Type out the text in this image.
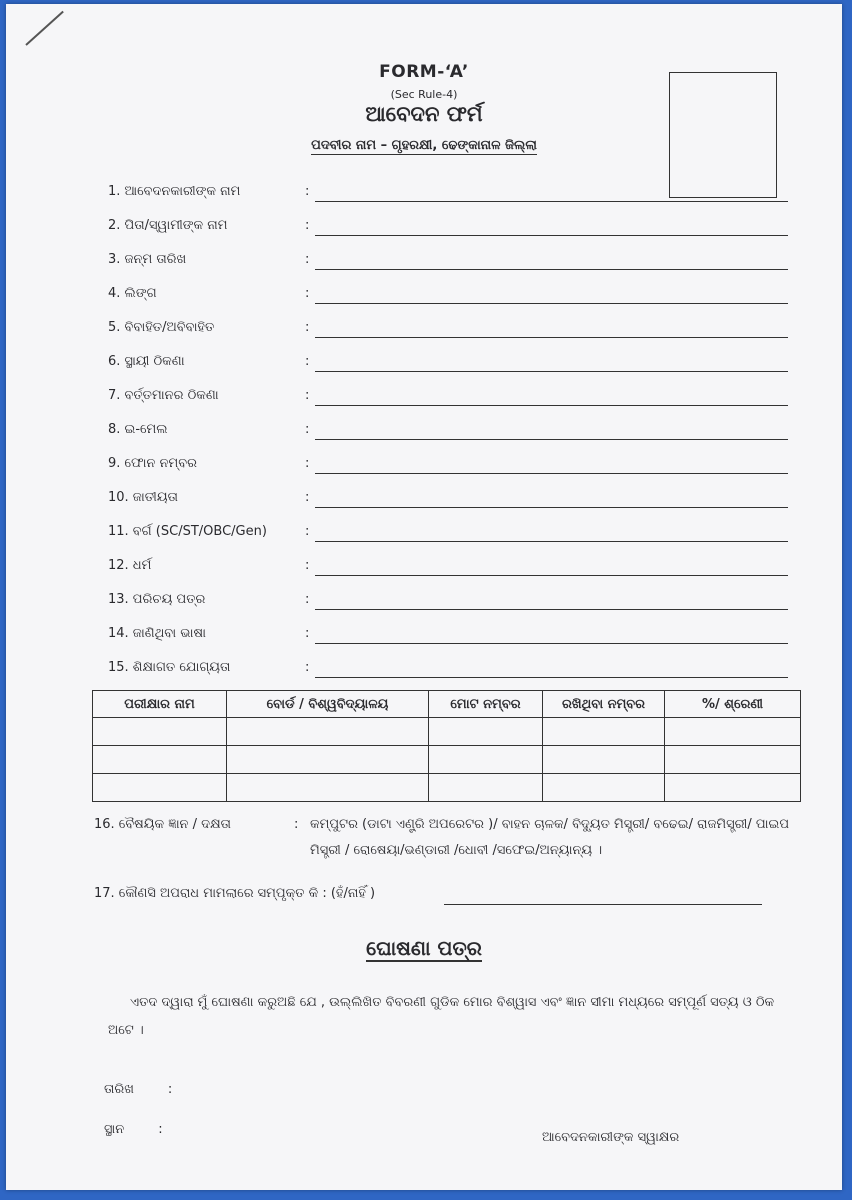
FORM-‘A’
(Sec Rule-4)
ଆବେଦନ ଫର୍ମ
ପଦବୀର ନାମ – ଗୃହରକ୍ଷୀ, ଢେଙ୍କାନାଳ ଜିଲ୍ଲା
1. ଆବେଦନକାରୀଙ୍କ ନାମ	:
2. ପିତା/ସ୍ୱାମୀଙ୍କ ନାମ	:
3. ଜନ୍ମ ତାରିଖ	:
4. ଲିଙ୍ଗ	:
5. ବିବାହିତ/ଅବିବାହିତ	:
6. ସ୍ଥାୟୀ ଠିକଣା	:
7. ବର୍ତ୍ତମାନର ଠିକଣା	:
8. ଇ-ମେଲ	:
9. ଫୋନ ନମ୍ବର	:
10. ଜାତୀୟତା	:
11. ବର୍ଗ (SC/ST/OBC/Gen)	:
12. ଧର୍ମ	:
13. ପରିଚୟ ପତ୍ର	:
14. ଜାଣିଥିବା ଭାଷା	:
15. ଶିକ୍ଷାଗତ ଯୋଗ୍ୟତା	:
ପରୀକ୍ଷାର ନାମ	ବୋର୍ଡ / ବିଶ୍ୱବିଦ୍ୟାଳୟ	ମୋଟ ନମ୍ବର	ରଖିଥିବା ନମ୍ବର	%/ ଶ୍ରେଣୀ

16. ବୈଷୟିକ ଜ୍ଞାନ / ଦକ୍ଷତା	: କମ୍ପୁଟର (ଡାଟା ଏଣ୍ଟ୍ରି ଅପରେଟର )/ ବାହନ ଚାଳକ/ ବିଦ୍ୟୁତ ମିସ୍ତ୍ରୀ/ ବଢେଇ/ ରାଜମିସ୍ତ୍ରୀ/ ପାଇପ ମିସ୍ତ୍ରୀ / ରୋଷେୟା/ଭଣ୍ଡାରୀ /ଧୋବୀ /ସଫେଇ/ଅନ୍ୟାନ୍ୟ ।
17. କୌଣସି ଅପରାଧ ମାମଲାରେ ସମ୍ପୃକ୍ତ କି : (ହଁ/ନାହିଁ )
ଘୋଷଣା ପତ୍ର
ଏତଦ ଦ୍ୱାରା ମୁଁ ଘୋଷଣା କରୁଅଛି ଯେ , ଉଲ୍ଲିଖିତ ବିବରଣୀ ଗୁଡିକ ମୋର ବିଶ୍ୱାସ ଏବଂ ଜ୍ଞାନ ସୀମା ମଧ୍ୟରେ ସମ୍ପୂର୍ଣ ସତ୍ୟ ଓ ଠିକ ଅଟେ ।
ତାରିଖ	:
ସ୍ଥାନ	:
ଆବେଦନକାରୀଙ୍କ ସ୍ୱାକ୍ଷର
